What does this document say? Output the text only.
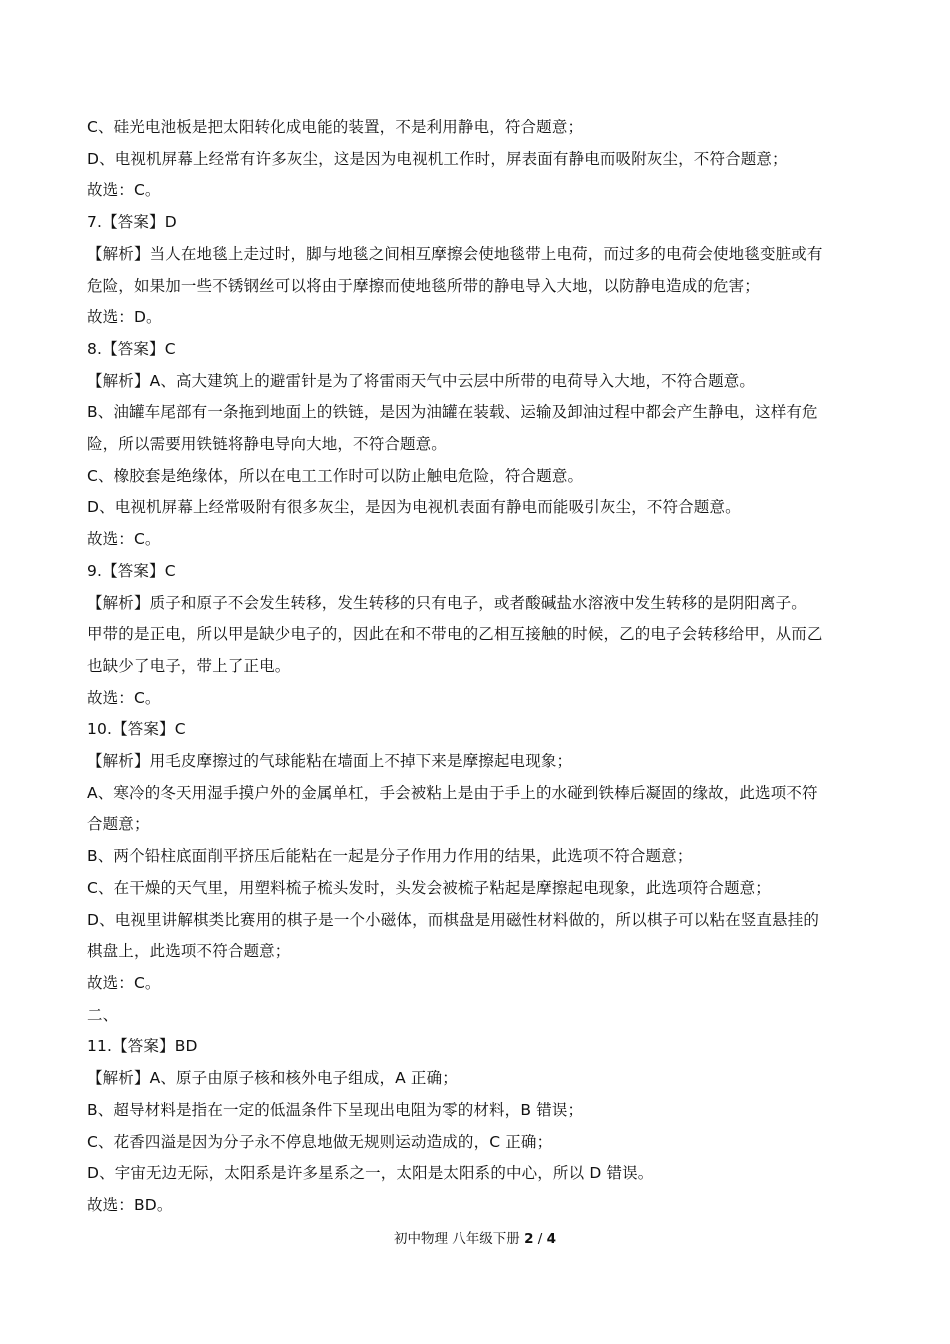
C、硅光电池板是把太阳转化成电能的装置，不是利用静电，符合题意；
D、电视机屏幕上经常有许多灰尘，这是因为电视机工作时，屏表面有静电而吸附灰尘，不符合题意；
故选：C。
7.【答案】D
【解析】当人在地毯上走过时，脚与地毯之间相互摩擦会使地毯带上电荷，而过多的电荷会使地毯变脏或有
危险，如果加一些不锈钢丝可以将由于摩擦而使地毯所带的静电导入大地，以防静电造成的危害；
故选：D。
8.【答案】C
【解析】A、高大建筑上的避雷针是为了将雷雨天气中云层中所带的电荷导入大地，不符合题意。
B、油罐车尾部有一条拖到地面上的铁链，是因为油罐在装载、运输及卸油过程中都会产生静电，这样有危
险，所以需要用铁链将静电导向大地，不符合题意。
C、橡胶套是绝缘体，所以在电工工作时可以防止触电危险，符合题意。
D、电视机屏幕上经常吸附有很多灰尘，是因为电视机表面有静电而能吸引灰尘，不符合题意。
故选：C。
9.【答案】C
【解析】质子和原子不会发生转移，发生转移的只有电子，或者酸碱盐水溶液中发生转移的是阴阳离子。
甲带的是正电，所以甲是缺少电子的，因此在和不带电的乙相互接触的时候，乙的电子会转移给甲，从而乙
也缺少了电子，带上了正电。
故选：C。
10.【答案】C
【解析】用毛皮摩擦过的气球能粘在墙面上不掉下来是摩擦起电现象；
A、寒冷的冬天用湿手摸户外的金属单杠，手会被粘上是由于手上的水碰到铁棒后凝固的缘故，此选项不符
合题意；
B、两个铅柱底面削平挤压后能粘在一起是分子作用力作用的结果，此选项不符合题意；
C、在干燥的天气里，用塑料梳子梳头发时，头发会被梳子粘起是摩擦起电现象，此选项符合题意；
D、电视里讲解棋类比赛用的棋子是一个小磁体，而棋盘是用磁性材料做的，所以棋子可以粘在竖直悬挂的
棋盘上，此选项不符合题意；
故选：C。
二、
11.【答案】BD
【解析】A、原子由原子核和核外电子组成，A 正确；
B、超导材料是指在一定的低温条件下呈现出电阻为零的材料，B 错误；
C、花香四溢是因为分子永不停息地做无规则运动造成的，C 正确；
D、宇宙无边无际，太阳系是许多星系之一，太阳是太阳系的中心，所以 D 错误。
故选：BD。
初中物理 八年级下册 2 / 4
